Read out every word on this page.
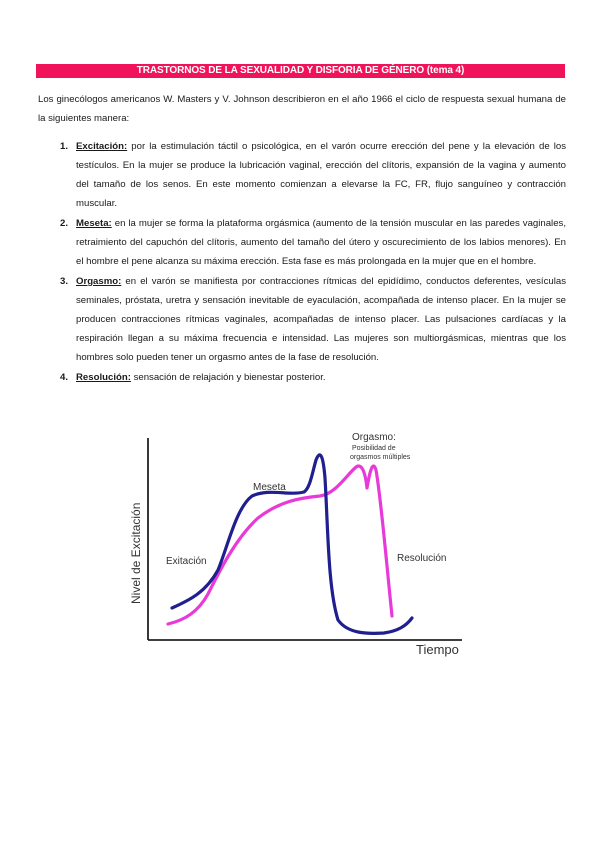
TRASTORNOS DE LA SEXUALIDAD Y DISFORIA DE GÉNERO (tema 4)

Los ginecólogos americanos W. Masters y V. Johnson describieron en el año 1966 el ciclo de respuesta sexual humana de la siguientes manera:

1. Excitación: por la estimulación táctil o psicológica, en el varón ocurre erección del pene y la elevación de los testículos. En la mujer se produce la lubricación vaginal, erección del clítoris, expansión de la vagina y aumento del tamaño de los senos. En este momento comienzan a elevarse la FC, FR, flujo sanguíneo y contracción muscular.
2. Meseta: en la mujer se forma la plataforma orgásmica (aumento de la tensión muscular en las paredes vaginales, retraimiento del capuchón del clítoris, aumento del tamaño del útero y oscurecimiento de los labios menores). En el hombre el pene alcanza su máxima erección. Esta fase es más prolongada en la mujer que en el hombre.
3. Orgasmo: en el varón se manifiesta por contracciones rítmicas del epidídimo, conductos deferentes, vesículas seminales, próstata, uretra y sensación inevitable de eyaculación, acompañada de intenso placer. En la mujer se producen contracciones rítmicas vaginales, acompañadas de intenso placer. Las pulsaciones cardíacas y la respiración llegan a su máxima frecuencia e intensidad. Las mujeres son multiorgásmicas, mientras que los hombres solo pueden tener un orgasmo antes de la fase de resolución.
4. Resolución: sensación de relajación y bienestar posterior.
Nivel de Excitación
Tiempo
Exitación
Meseta
Orgasmo:
Posibilidad de
orgasmos múltiples
Resolución
